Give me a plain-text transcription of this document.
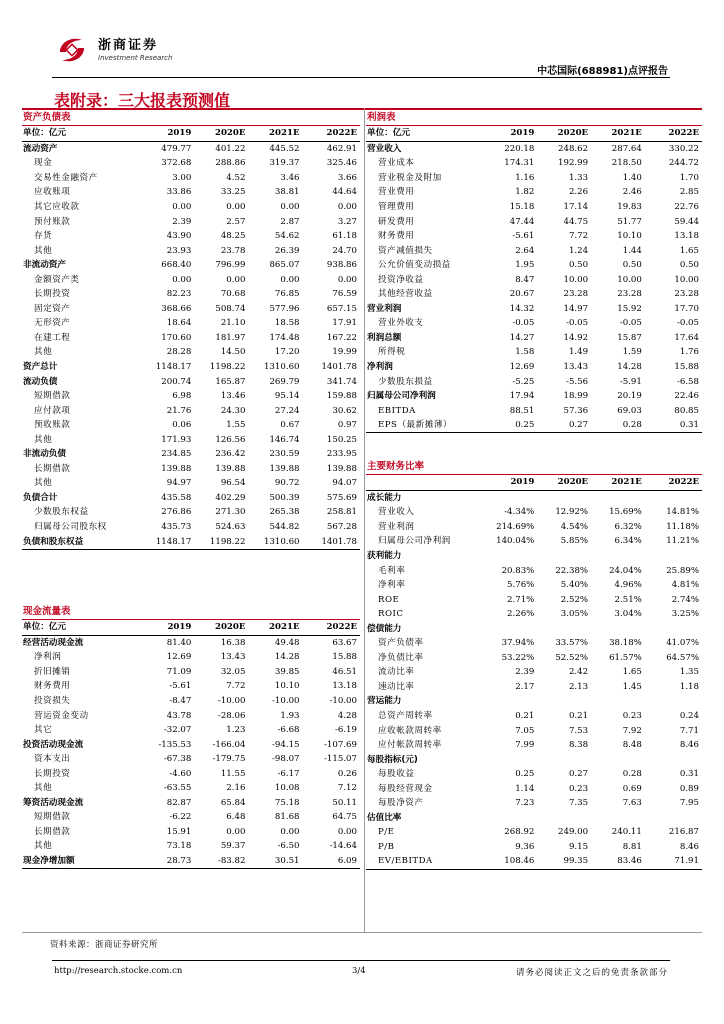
浙商证券
Investment Research
中芯国际(688981)点评报告
表附录：三大报表预测值
资产负债表
单位：亿元	2019	2020E	2021E	2022E
流动资产	479.77	401.22	445.52	462.91
现金	372.68	288.86	319.37	325.46
交易性金融资产	3.00	4.52	3.46	3.66
应收账项	33.86	33.25	38.81	44.64
其它应收款	0.00	0.00	0.00	0.00
预付账款	2.39	2.57	2.87	3.27
存货	43.90	48.25	54.62	61.18
其他	23.93	23.78	26.39	24.70
非流动资产	668.40	796.99	865.07	938.86
金额资产类	0.00	0.00	0.00	0.00
长期投资	82.23	70.68	76.85	76.59
固定资产	368.66	508.74	577.96	657.15
无形资产	18.64	21.10	18.58	17.91
在建工程	170.60	181.97	174.48	167.22
其他	28.28	14.50	17.20	19.99
资产总计	1148.17	1198.22	1310.60	1401.78
流动负债	200.74	165.87	269.79	341.74
短期借款	6.98	13.46	95.14	159.88
应付款项	21.76	24.30	27.24	30.62
预收账款	0.06	1.55	0.67	0.97
其他	171.93	126.56	146.74	150.25
非流动负债	234.85	236.42	230.59	233.95
长期借款	139.88	139.88	139.88	139.88
其他	94.97	96.54	90.72	94.07
负债合计	435.58	402.29	500.39	575.69
少数股东权益	276.86	271.30	265.38	258.81
归属母公司股东权	435.73	524.63	544.82	567.28
负债和股东权益	1148.17	1198.22	1310.60	1401.78
现金流量表
单位：亿元	2019	2020E	2021E	2022E
经营活动现金流	81.40	16.38	49.48	63.67
净利润	12.69	13.43	14.28	15.88
折旧摊销	71.09	32.05	39.85	46.51
财务费用	-5.61	7.72	10.10	13.18
投资损失	-8.47	-10.00	-10.00	-10.00
营运资金变动	43.78	-28.06	1.93	4.28
其它	-32.07	1.23	-6.68	-6.19
投资活动现金流	-135.53	-166.04	-94.15	-107.69
资本支出	-67.38	-179.75	-98.07	-115.07
长期投资	-4.60	11.55	-6.17	0.26
其他	-63.55	2.16	10.08	7.12
筹资活动现金流	82.87	65.84	75.18	50.11
短期借款	-6.22	6.48	81.68	64.75
长期借款	15.91	0.00	0.00	0.00
其他	73.18	59.37	-6.50	-14.64
现金净增加额	28.73	-83.82	30.51	6.09
利润表
单位：亿元	2019	2020E	2021E	2022E
营业收入	220.18	248.62	287.64	330.22
营业成本	174.31	192.99	218.50	244.72
营业税金及附加	1.16	1.33	1.40	1.70
营业费用	1.82	2.26	2.46	2.85
管理费用	15.18	17.14	19.83	22.76
研发费用	47.44	44.75	51.77	59.44
财务费用	-5.61	7.72	10.10	13.18
资产减值损失	2.64	1.24	1.44	1.65
公允价值变动损益	1.95	0.50	0.50	0.50
投资净收益	8.47	10.00	10.00	10.00
其他经营收益	20.67	23.28	23.28	23.28
营业利润	14.32	14.97	15.92	17.70
营业外收支	-0.05	-0.05	-0.05	-0.05
利润总额	14.27	14.92	15.87	17.64
所得税	1.58	1.49	1.59	1.76
净利润	12.69	13.43	14.28	15.88
少数股东损益	-5.25	-5.56	-5.91	-6.58
归属母公司净利润	17.94	18.99	20.19	22.46
EBITDA	88.51	57.36	69.03	80.85
EPS（最新摊薄）	0.25	0.27	0.28	0.31
主要财务比率
	2019	2020E	2021E	2022E
成长能力				
营业收入	-4.34%	12.92%	15.69%	14.81%
营业利润	214.69%	4.54%	6.32%	11.18%
归属母公司净利润	140.04%	5.85%	6.34%	11.21%
获利能力				
毛利率	20.83%	22.38%	24.04%	25.89%
净利率	5.76%	5.40%	4.96%	4.81%
ROE	2.71%	2.52%	2.51%	2.74%
ROIC	2.26%	3.05%	3.04%	3.25%
偿债能力				
资产负债率	37.94%	33.57%	38.18%	41.07%
净负债比率	53.22%	52.52%	61.57%	64.57%
流动比率	2.39	2.42	1.65	1.35
速动比率	2.17	2.13	1.45	1.18
营运能力				
总资产周转率	0.21	0.21	0.23	0.24
应收帐款周转率	7.05	7.53	7.92	7.71
应付帐款周转率	7.99	8.38	8.48	8.46
每股指标(元)				
每股收益	0.25	0.27	0.28	0.31
每股经营现金	1.14	0.23	0.69	0.89
每股净资产	7.23	7.35	7.63	7.95
估值比率				
P/E	268.92	249.00	240.11	216.87
P/B	9.36	9.15	8.81	8.46
EV/EBITDA	108.46	99.35	83.46	71.91
资料来源：浙商证券研究所
http://research.stocke.com.cn	3/4	请务必阅读正文之后的免责条款部分
